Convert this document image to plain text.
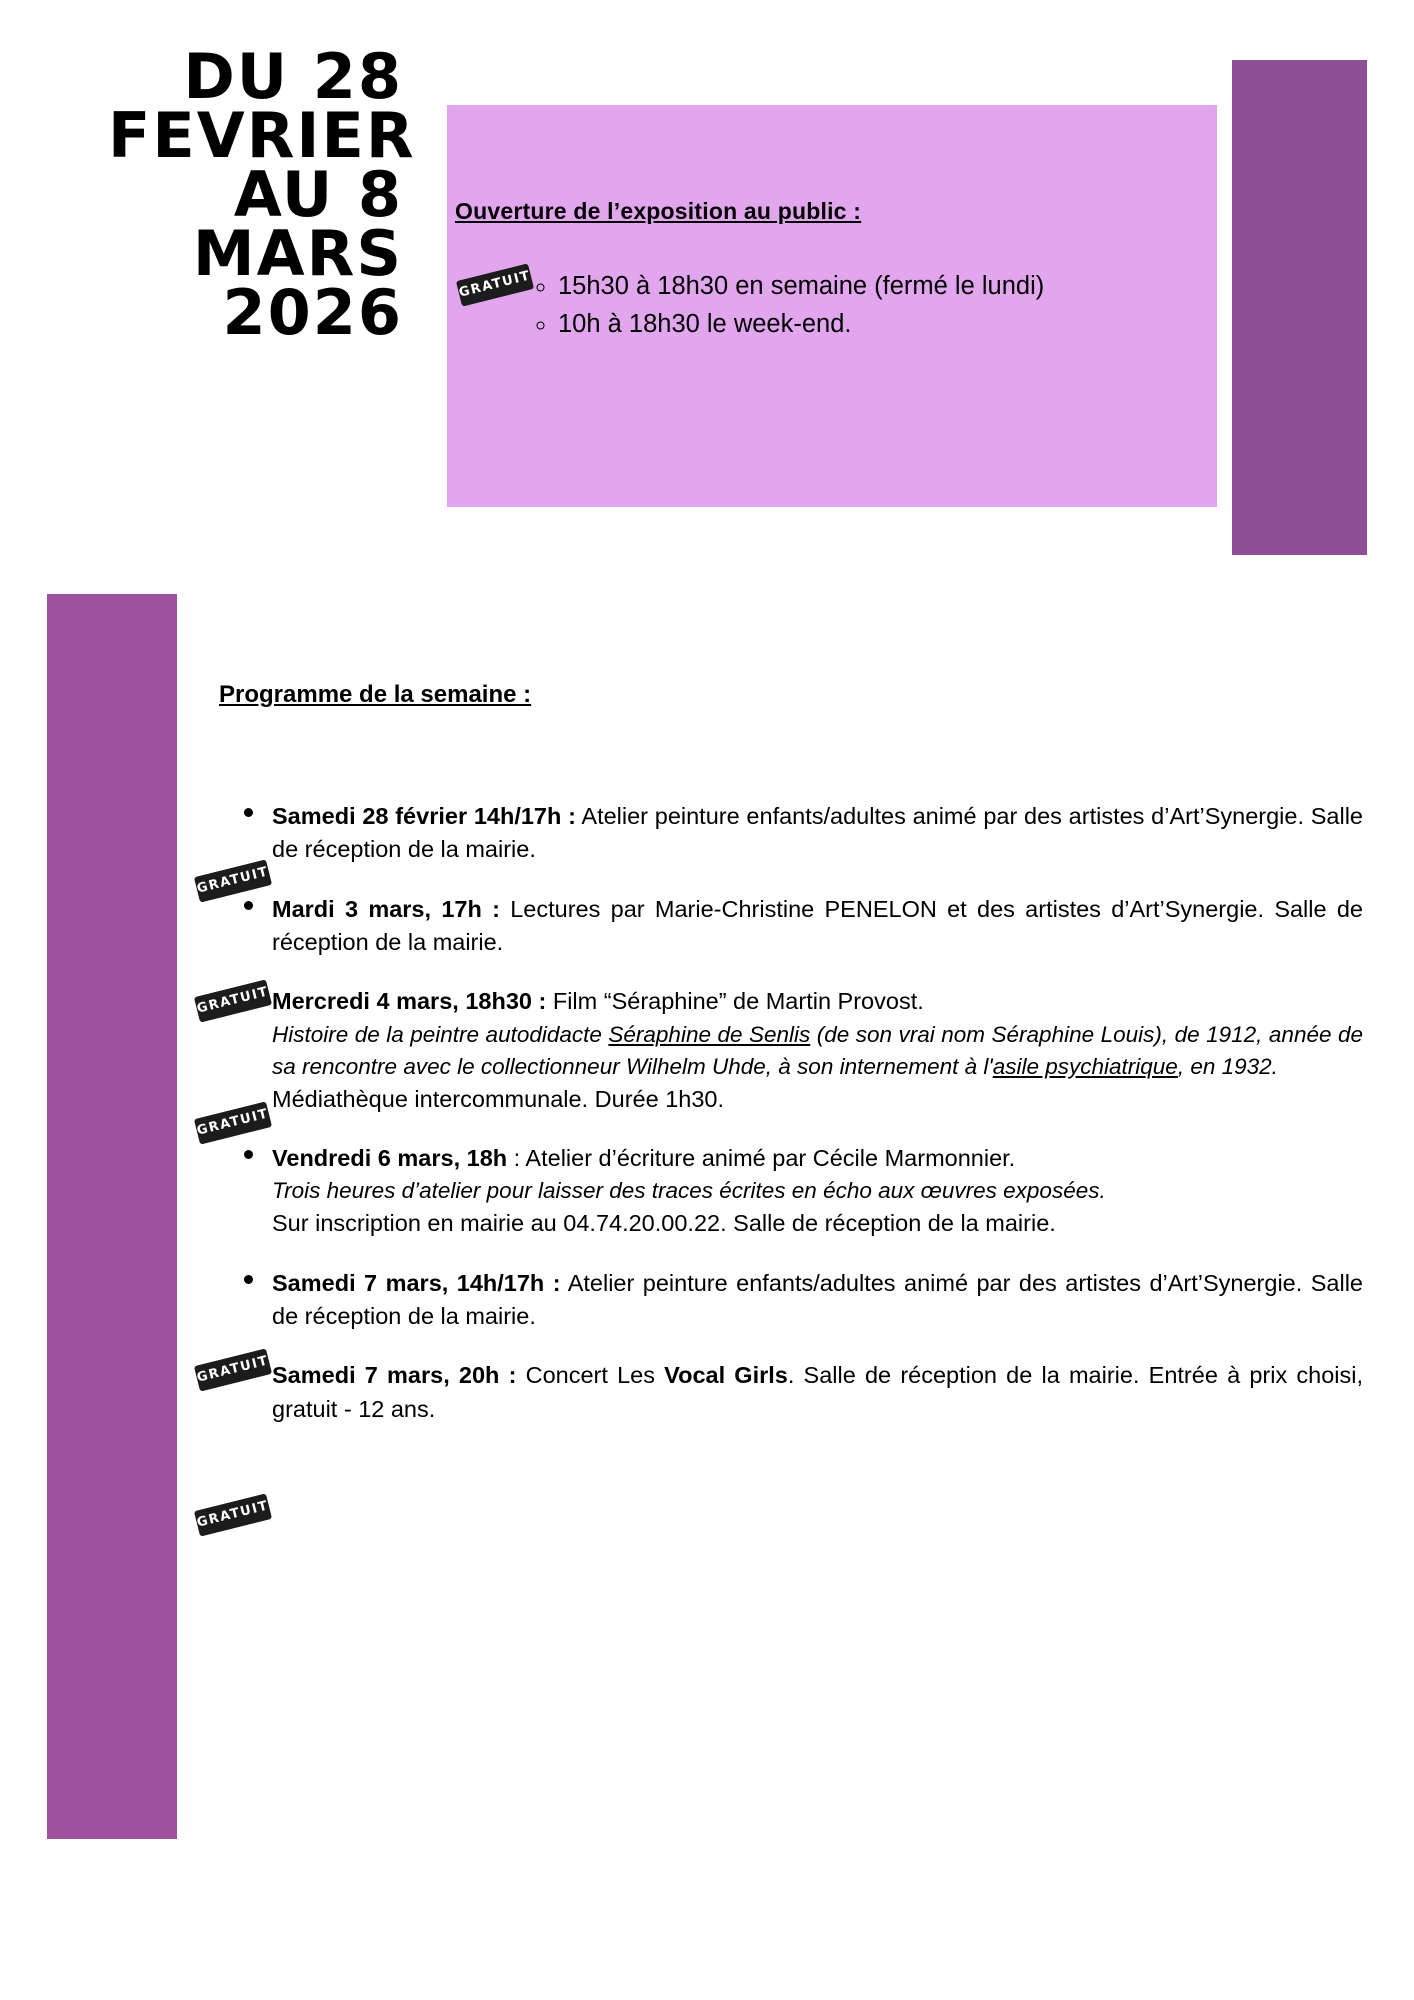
DU 28
FEVRIER
AU 8
MARS
2026
Ouverture de l’exposition au public :
◦ 15h30 à 18h30 en semaine (fermé le lundi)
◦ 10h à 18h30 le week-end.
GRATUIT
Programme de la semaine :
Samedi 28 février 14h/17h : Atelier peinture enfants/adultes animé par des artistes d’Art’Synergie. Salle de réception de la mairie.
Mardi 3 mars, 17h : Lectures par Marie-Christine PENELON et des artistes d’Art’Synergie. Salle de réception de la mairie.
Mercredi 4 mars, 18h30 : Film “Séraphine” de Martin Provost.
Histoire de la peintre autodidacte Séraphine de Senlis (de son vrai nom Séraphine Louis), de 1912, année de sa rencontre avec le collectionneur Wilhelm Uhde, à son internement à l'asile psychiatrique, en 1932.
Médiathèque intercommunale. Durée 1h30.
Vendredi 6 mars, 18h : Atelier d’écriture animé par Cécile Marmonnier.
Trois heures d’atelier pour laisser des traces écrites en écho aux œuvres exposées.
Sur inscription en mairie au 04.74.20.00.22. Salle de réception de la mairie.
Samedi 7 mars, 14h/17h : Atelier peinture enfants/adultes animé par des artistes d’Art’Synergie. Salle de réception de la mairie.
Samedi 7 mars, 20h : Concert Les Vocal Girls. Salle de réception de la mairie. Entrée à prix choisi, gratuit - 12 ans.
GRATUIT
GRATUIT
GRATUIT
GRATUIT
GRATUIT
